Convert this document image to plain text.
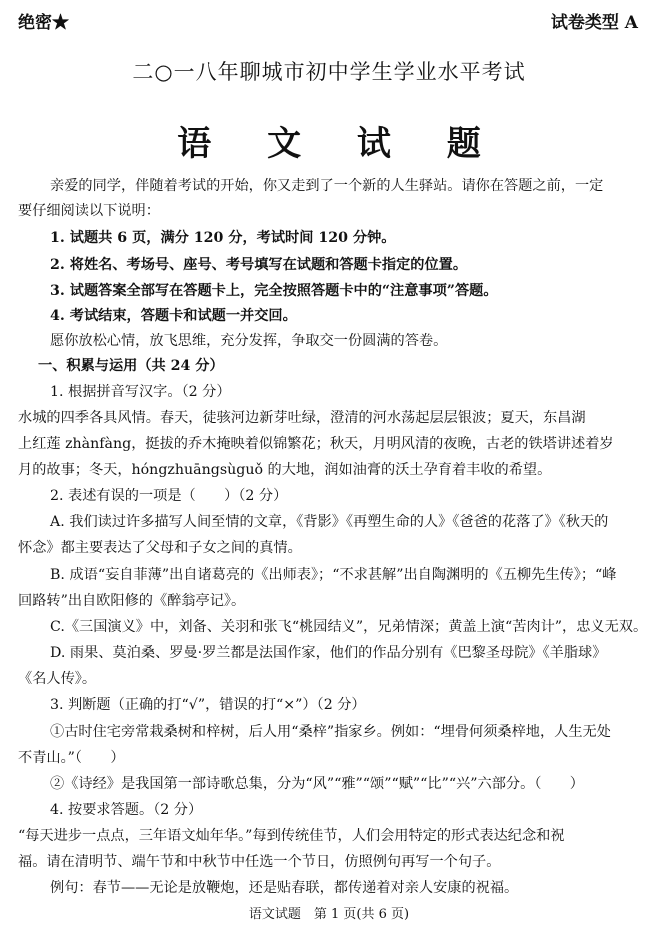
绝密★	试卷类型 A
二○一八年聊城市初中学生学业水平考试
语 文 试 题
亲爱的同学，伴随着考试的开始，你又走到了一个新的人生驿站。请你在答题之前，一定
要仔细阅读以下说明：
1. 试题共 6 页，满分 120 分，考试时间 120 分钟。
2. 将姓名、考场号、座号、考号填写在试题和答题卡指定的位置。
3. 试题答案全部写在答题卡上，完全按照答题卡中的“注意事项”答题。
4. 考试结束，答题卡和试题一并交回。
愿你放松心情，放飞思维，充分发挥，争取交一份圆满的答卷。
一、积累与运用（共 24 分）
1. 根据拼音写汉字。（2 分）
水城的四季各具风情。春天，徒骇河边新芽吐绿，澄清的河水荡起层层银波；夏天，东昌湖
上红莲 zhànfàng，挺拔的乔木掩映着似锦繁花；秋天，月明风清的夜晚，古老的铁塔讲述着岁
月的故事；冬天，hóngzhuāngsùguǒ 的大地，润如油膏的沃土孕育着丰收的希望。
2. 表述有误的一项是（　　）（2 分）
A. 我们读过许多描写人间至情的文章，《背影》《再塑生命的人》《爸爸的花落了》《秋天的
怀念》都主要表达了父母和子女之间的真情。
B. 成语“妄自菲薄”出自诸葛亮的《出师表》；“不求甚解”出自陶渊明的《五柳先生传》；“峰
回路转”出自欧阳修的《醉翁亭记》。
C.《三国演义》中，刘备、关羽和张飞“桃园结义”，兄弟情深；黄盖上演“苦肉计”，忠义无双。
D. 雨果、莫泊桑、罗曼·罗兰都是法国作家，他们的作品分别有《巴黎圣母院》《羊脂球》
《名人传》。
3. 判断题（正确的打“√”，错误的打“×”）（2 分）
①古时住宅旁常栽桑树和梓树，后人用“桑梓”指家乡。例如：“埋骨何须桑梓地，人生无处
不青山。”（　　）
②《诗经》是我国第一部诗歌总集，分为“风”“雅”“颂”“赋”“比”“兴”六部分。（　　）
4. 按要求答题。（2 分）
“每天进步一点点，三年语文灿年华。”每到传统佳节，人们会用特定的形式表达纪念和祝
福。请在清明节、端午节和中秋节中任选一个节日，仿照例句再写一个句子。
例句：春节——无论是放鞭炮，还是贴春联，都传递着对亲人安康的祝福。
语文试题　第 1 页(共 6 页)
